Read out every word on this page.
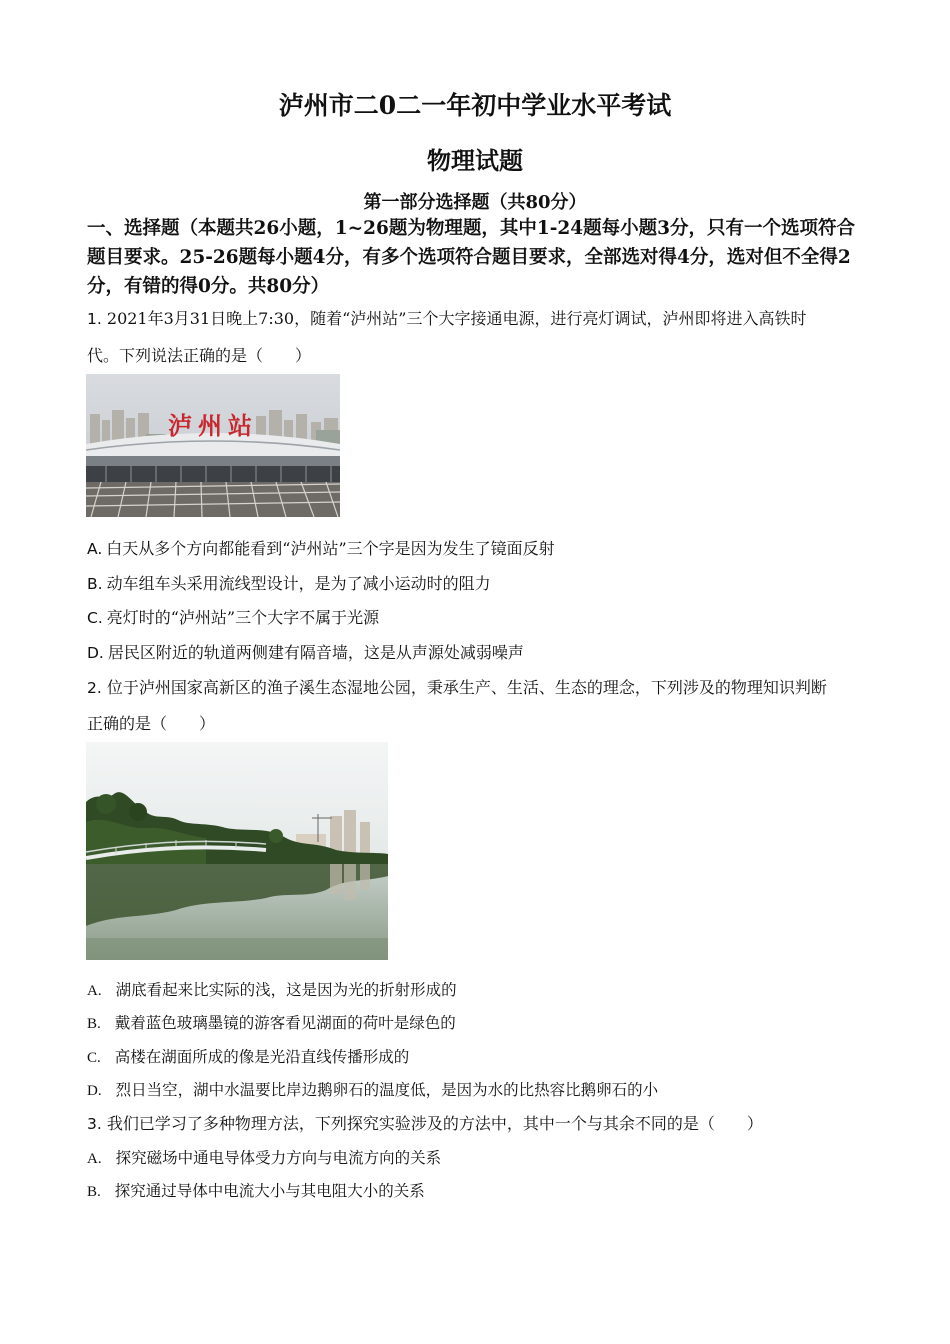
泸州市二0二一年初中学业水平考试
物理试题
第一部分选择题（共80分）
一、选择题（本题共26小题，1~26题为物理题，其中1-24题每小题3分，只有一个选项符合题目要求。25-26题每小题4分，有多个选项符合题目要求，全部选对得4分，选对但不全得2分，有错的得0分。共80分）
1. 2021年3月31日晚上7:30，随着“泸州站”三个大字接通电源，进行亮灯调试，泸州即将进入高铁时
代。下列说法正确的是（　　）
泸州站
A. 白天从多个方向都能看到“泸州站”三个字是因为发生了镜面反射
B. 动车组车头采用流线型设计，是为了减小运动时的阻力
C. 亮灯时的“泸州站”三个大字不属于光源
D. 居民区附近的轨道两侧建有隔音墙，这是从声源处减弱噪声
2. 位于泸州国家高新区的渔子溪生态湿地公园，秉承生产、生活、生态的理念，下列涉及的物理知识判断
正确的是（　　）
A. 湖底看起来比实际的浅，这是因为光的折射形成的
B. 戴着蓝色玻璃墨镜的游客看见湖面的荷叶是绿色的
C. 高楼在湖面所成的像是光沿直线传播形成的
D. 烈日当空，湖中水温要比岸边鹅卵石的温度低，是因为水的比热容比鹅卵石的小
3. 我们已学习了多种物理方法，下列探究实验涉及的方法中，其中一个与其余不同的是（　　）
A. 探究磁场中通电导体受力方向与电流方向的关系
B. 探究通过导体中电流大小与其电阻大小的关系
